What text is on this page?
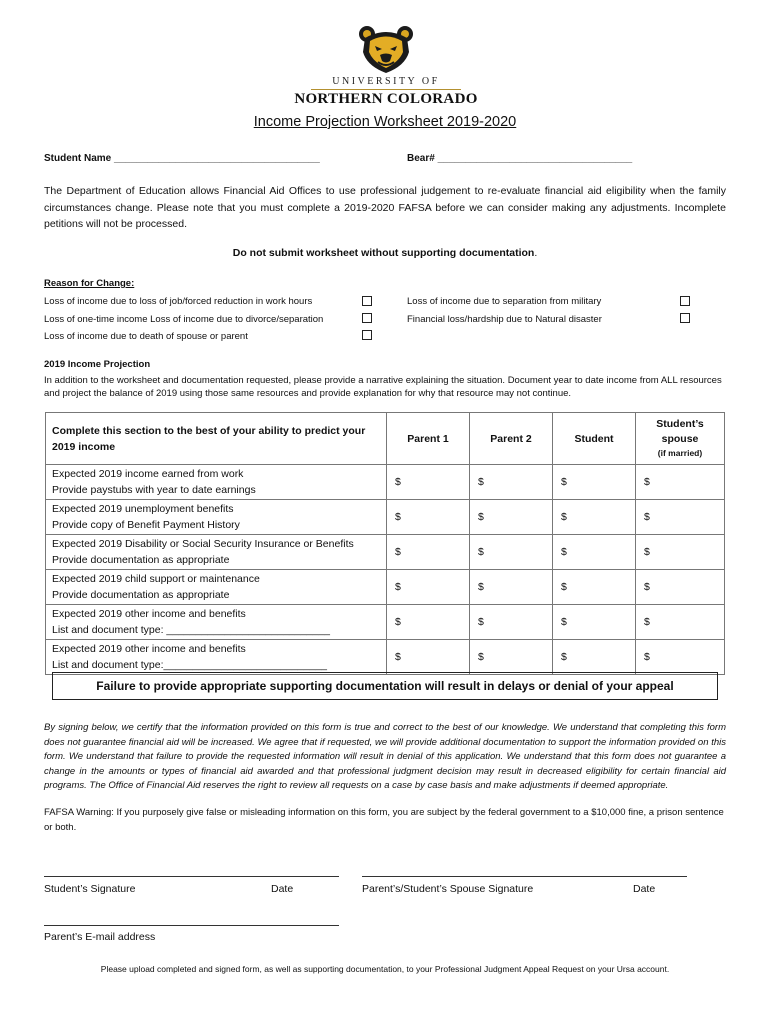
UNIVERSITY OF
NORTHERN COLORADO
Income Projection Worksheet 2019-2020
Student Name _____________________________________	Bear# ___________________________________
The Department of Education allows Financial Aid Offices to use professional judgement to re-evaluate financial aid eligibility when the family circumstances change. Please note that you must complete a 2019-2020 FAFSA before we can consider making any adjustments. Incomplete petitions will not be processed.
Do not submit worksheet without supporting documentation.
Reason for Change:
Loss of income due to loss of job/forced reduction in work hours
Loss of one-time income Loss of income due to divorce/separation
Loss of income due to death of spouse or parent
Loss of income due to separation from military
Financial loss/hardship due to Natural disaster
2019 Income Projection
In addition to the worksheet and documentation requested, please provide a narrative explaining the situation. Document year to date income from ALL resources and project the balance of 2019 using those same resources and provide explanation for why that resource may not continue.
Complete this section to the best of your ability to predict your 2019 income	Parent 1	Parent 2	Student	Student’s spouse
(if married)

Expected 2019 income earned from work
Provide paystubs with year to date earnings	$	$	$	$

Expected 2019 unemployment benefits
Provide copy of Benefit Payment History	$	$	$	$

Expected 2019 Disability or Social Security Insurance or Benefits
Provide documentation as appropriate	$	$	$	$

Expected 2019 child support or maintenance
Provide documentation as appropriate	$	$	$	$

Expected 2019 other income and benefits
List and document type: ____________________________	$	$	$	$

Expected 2019 other income and benefits
List and document type:____________________________	$	$	$	$
Failure to provide appropriate supporting documentation will result in delays or denial of your appeal
By signing below, we certify that the information provided on this form is true and correct to the best of our knowledge. We understand that completing this form does not guarantee financial aid will be increased. We agree that if requested, we will provide additional documentation to support the information provided on this form. We understand that failure to provide the requested information will result in denial of this application. We understand that this form does not guarantee a change in the amounts or types of financial aid awarded and that professional judgment decision may result in decreased eligibility for certain financial aid programs. The Office of Financial Aid reserves the right to review all requests on a case by case basis and make adjustments if deemed appropriate.
FAFSA Warning: If you purposely give false or misleading information on this form, you are subject by the federal government to a $10,000 fine, a prison sentence or both.
Student’s Signature	Date	Parent’s/Student’s Spouse Signature	Date
Parent’s E-mail address
Please upload completed and signed form, as well as supporting documentation, to your Professional Judgment Appeal Request on your Ursa account.
